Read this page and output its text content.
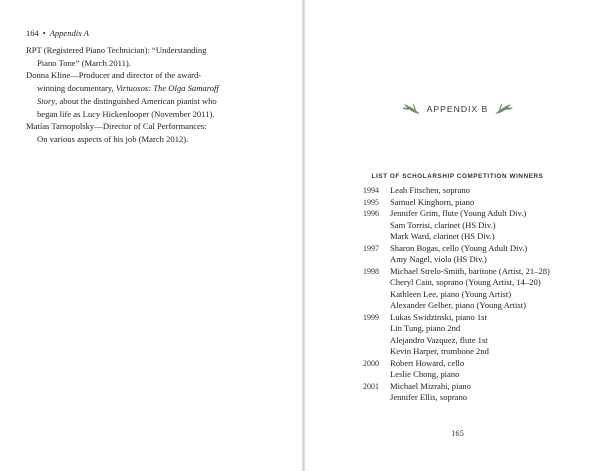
164 • Appendix A
RPT (Registered Piano Technician): “Understanding
Piano Tone” (March 2011).
Donna Kline—Producer and director of the award-
winning documentary, Virtuosos: The Olga Samaroff
Story, about the distinguished American pianist who
began life as Lucy Hickenlooper (November 2011).
Matías Tarnopolsky—Director of Cal Performances:
On various aspects of his job (March 2012).
APPENDIX B
LIST OF SCHOLARSHIP COMPETITION WINNERS
1994	Leah Fitschen, soprano
1995	Samuel Kinghorn, piano
1996	Jennifer Grim, flute (Young Adult Div.)
Sam Torrisi, clarinet (HS Div.)
Mark Ward, clarinet (HS Div.)
1997	Sharon Bogas, cello (Young Adult Div.)
Amy Nagel, viola (HS Div.)
1998	Michael Strelo-Smith, baritone (Artist, 21–28)
Cheryl Cain, soprano (Young Artist, 14–20)
Kathleen Lee, piano (Young Artist)
Alexander Gelber, piano (Young Artist)
1999	Lukas Swidzinski, piano 1st
Lin Tung, piano 2nd
Alejandro Vazquez, flute 1st
Kevin Harper, trombone 2nd
2000	Robert Howard, cello
Leslie Chong, piano
2001	Michael Mizrahi, piano
Jennifer Ellis, soprano
165
